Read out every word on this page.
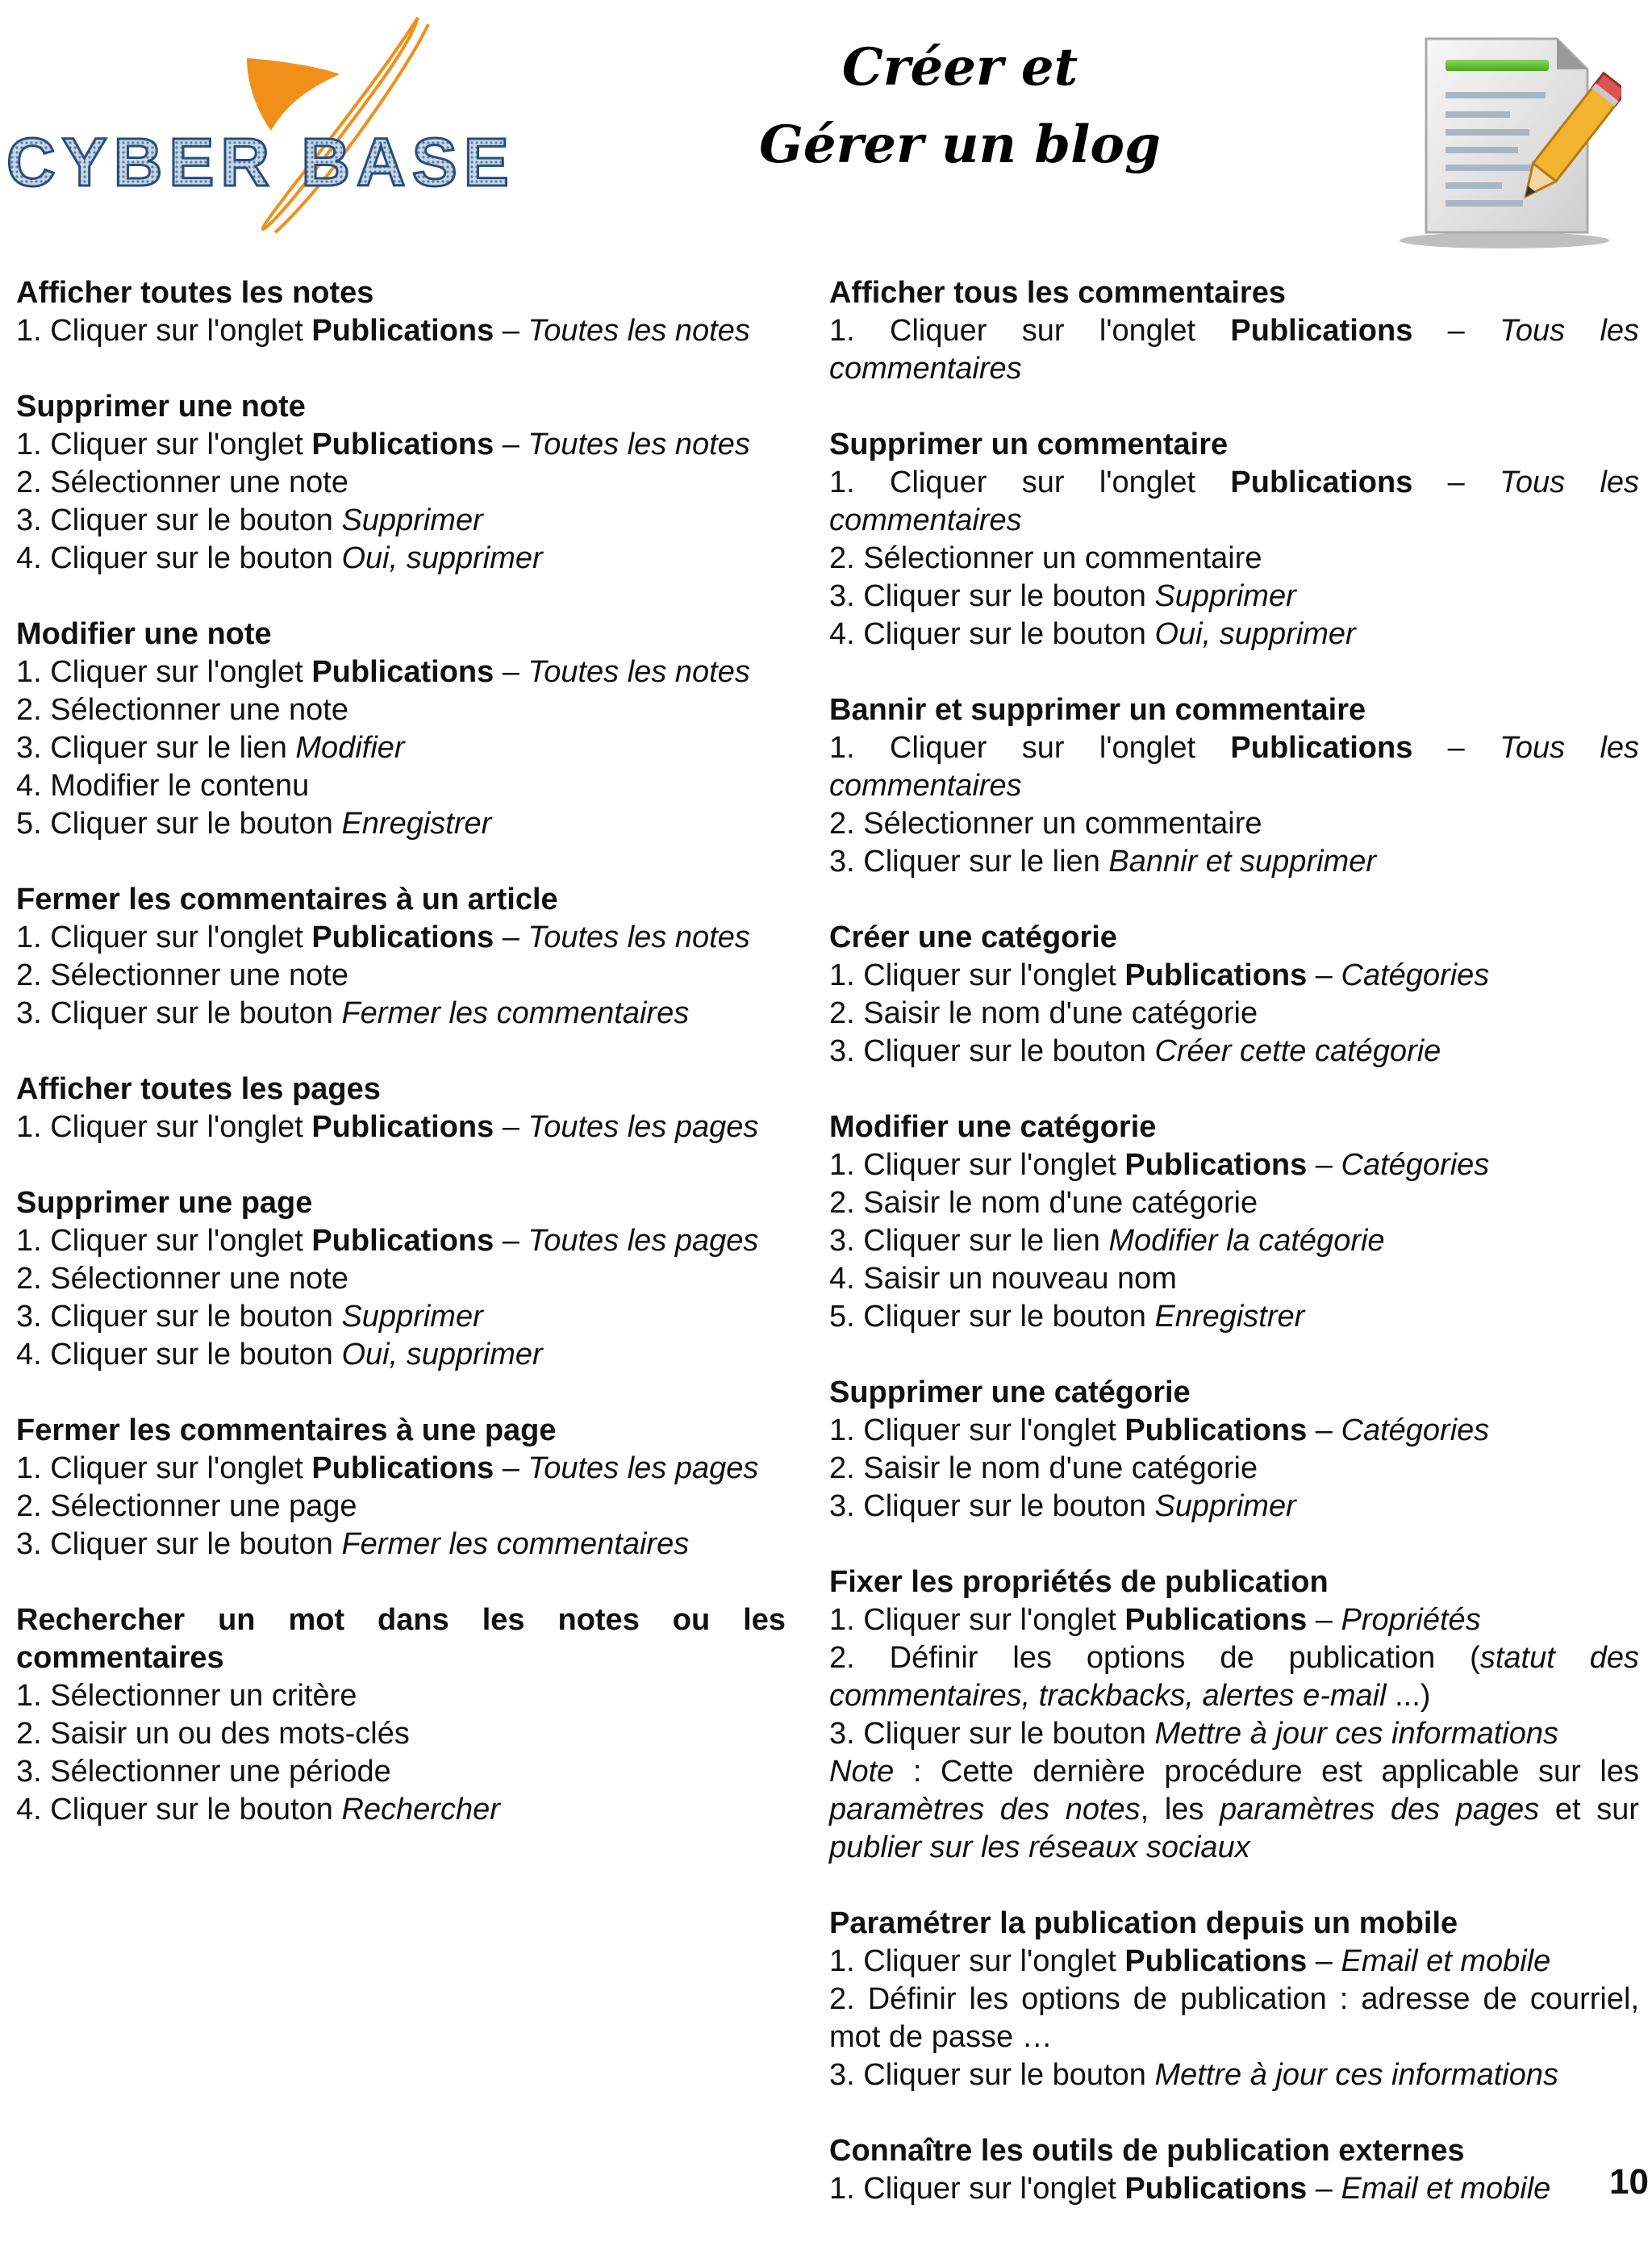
CYBER BASE
Créer et
Gérer un blog
Afficher toutes les notes
1. Cliquer sur l'onglet Publications – Toutes les notes
Supprimer une note
1. Cliquer sur l'onglet Publications – Toutes les notes
2. Sélectionner une note
3. Cliquer sur le bouton Supprimer
4. Cliquer sur le bouton Oui, supprimer
Modifier une note
1. Cliquer sur l'onglet Publications – Toutes les notes
2. Sélectionner une note
3. Cliquer sur le lien Modifier
4. Modifier le contenu
5. Cliquer sur le bouton Enregistrer
Fermer les commentaires à un article
1. Cliquer sur l'onglet Publications – Toutes les notes
2. Sélectionner une note
3. Cliquer sur le bouton Fermer les commentaires
Afficher toutes les pages
1. Cliquer sur l'onglet Publications – Toutes les pages
Supprimer une page
1. Cliquer sur l'onglet Publications – Toutes les pages
2. Sélectionner une note
3. Cliquer sur le bouton Supprimer
4. Cliquer sur le bouton Oui, supprimer
Fermer les commentaires à une page
1. Cliquer sur l'onglet Publications – Toutes les pages
2. Sélectionner une page
3. Cliquer sur le bouton Fermer les commentaires
Rechercher un mot dans les notes ou les commentaires
1. Sélectionner un critère
2. Saisir un ou des mots-clés
3. Sélectionner une période
4. Cliquer sur le bouton Rechercher
Afficher tous les commentaires
1. Cliquer sur l'onglet Publications – Tous les commentaires
Supprimer un commentaire
1. Cliquer sur l'onglet Publications – Tous les commentaires
2. Sélectionner un commentaire
3. Cliquer sur le bouton Supprimer
4. Cliquer sur le bouton Oui, supprimer
Bannir et supprimer un commentaire
1. Cliquer sur l'onglet Publications – Tous les commentaires
2. Sélectionner un commentaire
3. Cliquer sur le lien Bannir et supprimer
Créer une catégorie
1. Cliquer sur l'onglet Publications – Catégories
2. Saisir le nom d'une catégorie
3. Cliquer sur le bouton Créer cette catégorie
Modifier une catégorie
1. Cliquer sur l'onglet Publications – Catégories
2. Saisir le nom d'une catégorie
3. Cliquer sur le lien Modifier la catégorie
4. Saisir un nouveau nom
5. Cliquer sur le bouton Enregistrer
Supprimer une catégorie
1. Cliquer sur l'onglet Publications – Catégories
2. Saisir le nom d'une catégorie
3. Cliquer sur le bouton Supprimer
Fixer les propriétés de publication
1. Cliquer sur l'onglet Publications – Propriétés
2. Définir les options de publication (statut des commentaires, trackbacks, alertes e-mail ...)
3. Cliquer sur le bouton Mettre à jour ces informations
Note : Cette dernière procédure est applicable sur les paramètres des notes, les paramètres des pages et sur publier sur les réseaux sociaux
Paramétrer la publication depuis un mobile
1. Cliquer sur l'onglet Publications – Email et mobile
2. Définir les options de publication : adresse de courriel, mot de passe …
3. Cliquer sur le bouton Mettre à jour ces informations
Connaître les outils de publication externes
1. Cliquer sur l'onglet Publications – Email et mobile	10
